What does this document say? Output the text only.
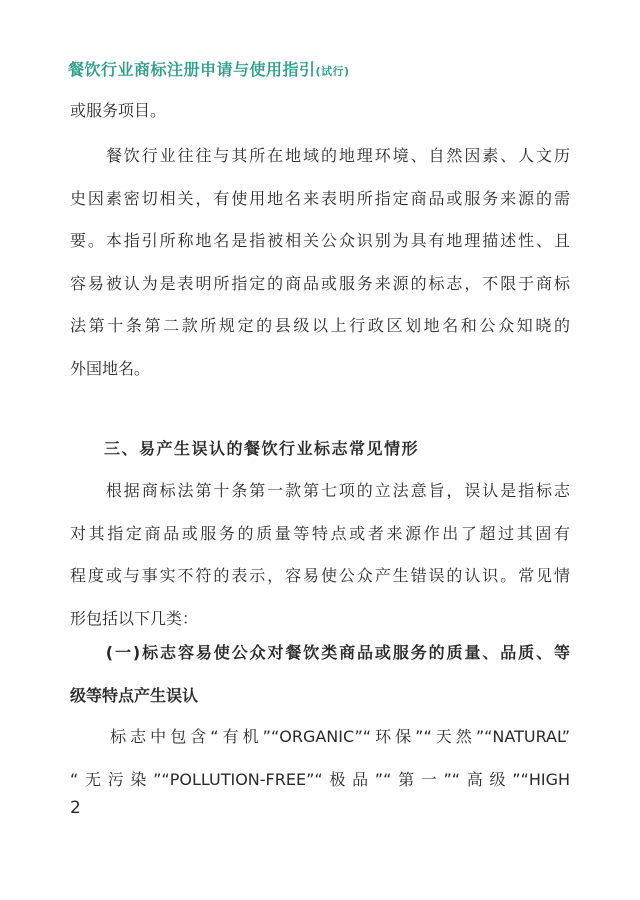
餐饮行业商标注册申请与使用指引(试行)
或服务项目。
　　餐饮行业往往与其所在地域的地理环境、自然因素、人文历
史因素密切相关，有使用地名来表明所指定商品或服务来源的需
要。本指引所称地名是指被相关公众识别为具有地理描述性、且
容易被认为是表明所指定的商品或服务来源的标志，不限于商标
法第十条第二款所规定的县级以上行政区划地名和公众知晓的
外国地名。
三、易产生误认的餐饮行业标志常见情形
　　根据商标法第十条第一款第七项的立法意旨，误认是指标志
对其指定商品或服务的质量等特点或者来源作出了超过其固有
程度或与事实不符的表示，容易使公众产生错误的认识。常见情
形包括以下几类：
　　(一)标志容易使公众对餐饮类商品或服务的质量、品质、等
级等特点产生误认
　　标志中包含“有机”“ORGANIC”“环保”“天然”“NATURAL”
“无污染”“POLLUTION-FREE”“极品”“第一”“高级”“HIGH
2
